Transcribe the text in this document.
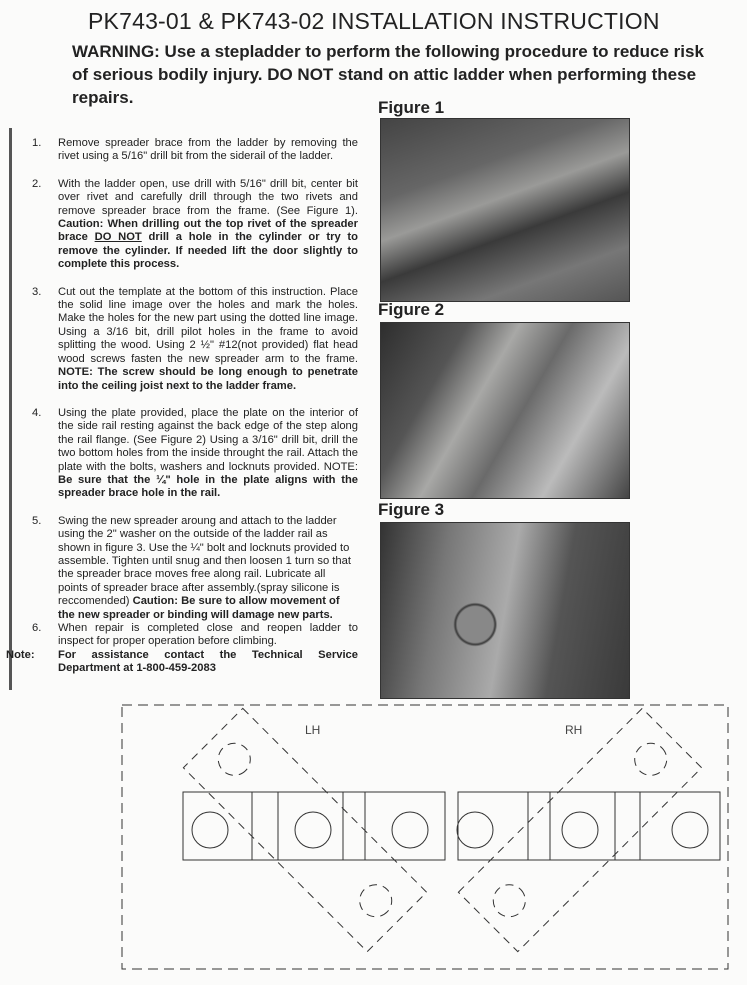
PK743-01 & PK743-02 INSTALLATION INSTRUCTION
WARNING: Use a stepladder to perform the following procedure to reduce risk of serious bodily injury. DO NOT stand on attic ladder when performing these repairs.
Figure 1
Figure 2
Figure 3
1.	Remove spreader brace from the ladder by removing the rivet using a 5/16" drill bit from the siderail of the ladder.
2.	With the ladder open, use drill with 5/16" drill bit, center bit over rivet and carefully drill through the two rivets and remove spreader brace from the frame. (See Figure 1). Caution: When drilling out the top rivet of the spreader brace DO NOT drill a hole in the cylinder or try to remove the cylinder. If needed lift the door slightly to complete this process.
3.	Cut out the template at the bottom of this instruction. Place the solid line image over the holes and mark the holes. Make the holes for the new part using the dotted line image. Using a 3/16 bit, drill pilot holes in the frame to avoid splitting the wood. Using 2 ½" #12(not provided) flat head wood screws fasten the new spreader arm to the frame. NOTE: The screw should be long enough to penetrate into the ceiling joist next to the ladder frame.
4.	Using the plate provided, place the plate on the interior of the side rail resting against the back edge of the step along the rail flange. (See Figure 2) Using a 3/16" drill bit, drill the two bottom holes from the inside throught the rail. Attach the plate with the bolts, washers and locknuts provided. NOTE: Be sure that the ¼" hole in the plate aligns with the spreader brace hole in the rail.
5.	Swing the new spreader aroung and attach to the ladder using the 2" washer on the outside of the ladder rail as shown in figure 3. Use the ¼" bolt and locknuts provided to assemble. Tighten until snug and then loosen 1 turn so that the spreader brace moves free along rail. Lubricate all points of spreader brace after assembly.(spray silicone is reccomended) Caution: Be sure to allow movement of the new spreader or binding will damage new parts.
6.	When repair is completed close and reopen ladder to inspect for proper operation before climbing.
Note:	For assistance contact the Technical Service Department at 1-800-459-2083
LH	RH
